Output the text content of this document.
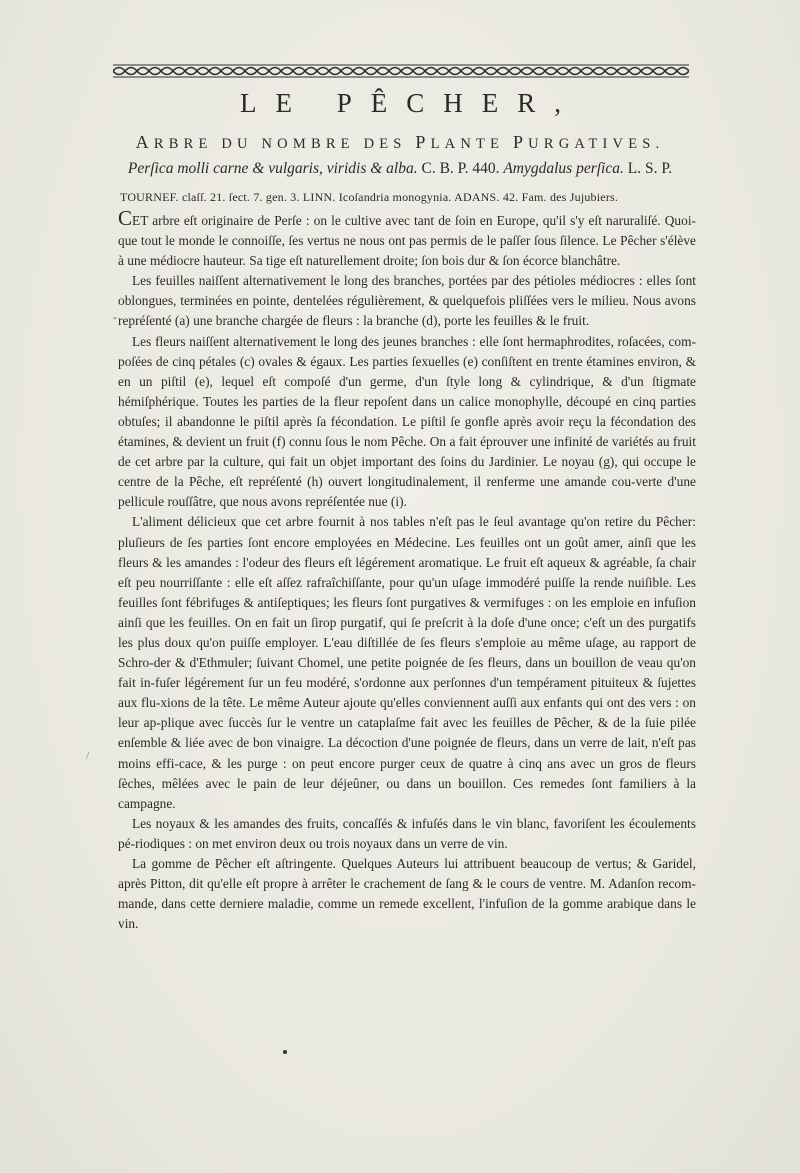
LE PÊCHER,
ARBRE DU NOMBRE DES PLANTE PURGATIVES.
Perſica molli carne & vulgaris, viridis & alba. C. B. P. 440. Amygdalus perſica. L. S. P.
TOURNEF. claſſ. 21. ſect. 7. gen. 3. LINN. Icoſandria monogynia. ADANS. 42. Fam. des Jujubiers.

CET arbre eſt originaire de Perſe : on le cultive avec tant de ſoin en Europe, qu'il s'y eſt naruraliſé. Quoi-que tout le monde le connoiſſe, ſes vertus ne nous ont pas permis de le paſſer ſous ſilence. Le Pêcher s'élève à une médiocre hauteur. Sa tige eſt naturellement droite; ſon bois dur & ſon écorce blanchâtre.

Les feuilles naiſſent alternativement le long des branches, portées par des pétioles médiocres : elles ſont oblongues, terminées en pointe, dentelées régulièrement, & quelquefois pliſſées vers le milieu. Nous avons repréſenté (a) une branche chargée de fleurs : la branche (d), porte les feuilles & le fruit.

Les fleurs naiſſent alternativement le long des jeunes branches : elle ſont hermaphrodites, roſacées, com-poſées de cinq pétales (c) ovales & égaux. Les parties ſexuelles (e) conſiſtent en trente étamines environ, & en un piſtil (e), lequel eſt compoſé d'un germe, d'un ſtyle long & cylindrique, & d'un ſtigmate hémiſphérique. Toutes les parties de la fleur repoſent dans un calice monophylle, découpé en cinq parties obtuſes; il abandonne le piſtil après ſa fécondation. Le piſtil ſe gonfle après avoir reçu la fécondation des étamines, & devient un fruit (f) connu ſous le nom Pêche. On a fait éprouver une infinité de variétés au fruit de cet arbre par la culture, qui fait un objet important des ſoins du Jardinier. Le noyau (g), qui occupe le centre de la Pêche, eſt repréſenté (h) ouvert longitudinalement, il renferme une amande cou-verte d'une pellicule rouſſâtre, que nous avons repréſentée nue (i).

L'aliment délicieux que cet arbre fournit à nos tables n'eſt pas le ſeul avantage qu'on retire du Pêcher: pluſieurs de ſes parties ſont encore employées en Médecine. Les feuilles ont un goût amer, ainſi que les fleurs & les amandes : l'odeur des fleurs eſt légérement aromatique. Le fruit eſt aqueux & agréable, ſa chair eſt peu nourriſſante : elle eſt aſſez rafraîchiſſante, pour qu'un uſage immodéré puiſſe la rende nuiſible. Les feuilles ſont fébrifuges & antiſeptiques; les fleurs ſont purgatives & vermifuges : on les emploie en infuſion ainſi que les feuilles. On en fait un ſirop purgatif, qui ſe preſcrit à la doſe d'une once; c'eſt un des purgatifs les plus doux qu'on puiſſe employer. L'eau diſtillée de ſes fleurs s'emploie au même uſage, au rapport de Schro-der & d'Ethmuler; ſuivant Chomel, une petite poignée de ſes fleurs, dans un bouillon de veau qu'on fait in-fuſer légérement ſur un feu modéré, s'ordonne aux perſonnes d'un tempérament pituiteux & ſujettes aux flu-xions de la tête. Le même Auteur ajoute qu'elles conviennent auſſi aux enfants qui ont des vers : on leur ap-plique avec ſuccès ſur le ventre un cataplaſme fait avec les feuilles de Pêcher, & de la ſuie pilée enſemble & liée avec de bon vinaigre. La décoction d'une poignée de fleurs, dans un verre de lait, n'eſt pas moins effi-cace, & les purge : on peut encore purger ceux de quatre à cinq ans avec un gros de fleurs ſèches, mêlées avec le pain de leur déjeûner, ou dans un bouillon. Ces remedes ſont familiers à la campagne.

Les noyaux & les amandes des fruits, concaſſés & infuſés dans le vin blanc, favoriſent les écoulements pé-riodiques : on met environ deux ou trois noyaux dans un verre de vin.

La gomme de Pêcher eſt aſtringente. Quelques Auteurs lui attribuent beaucoup de vertus; & Garidel, après Pitton, dit qu'elle eſt propre à arrêter le crachement de ſang & le cours de ventre. M. Adanſon recom-mande, dans cette derniere maladie, comme un remede excellent, l'infuſion de la gomme arabique dans le vin.

-
/
